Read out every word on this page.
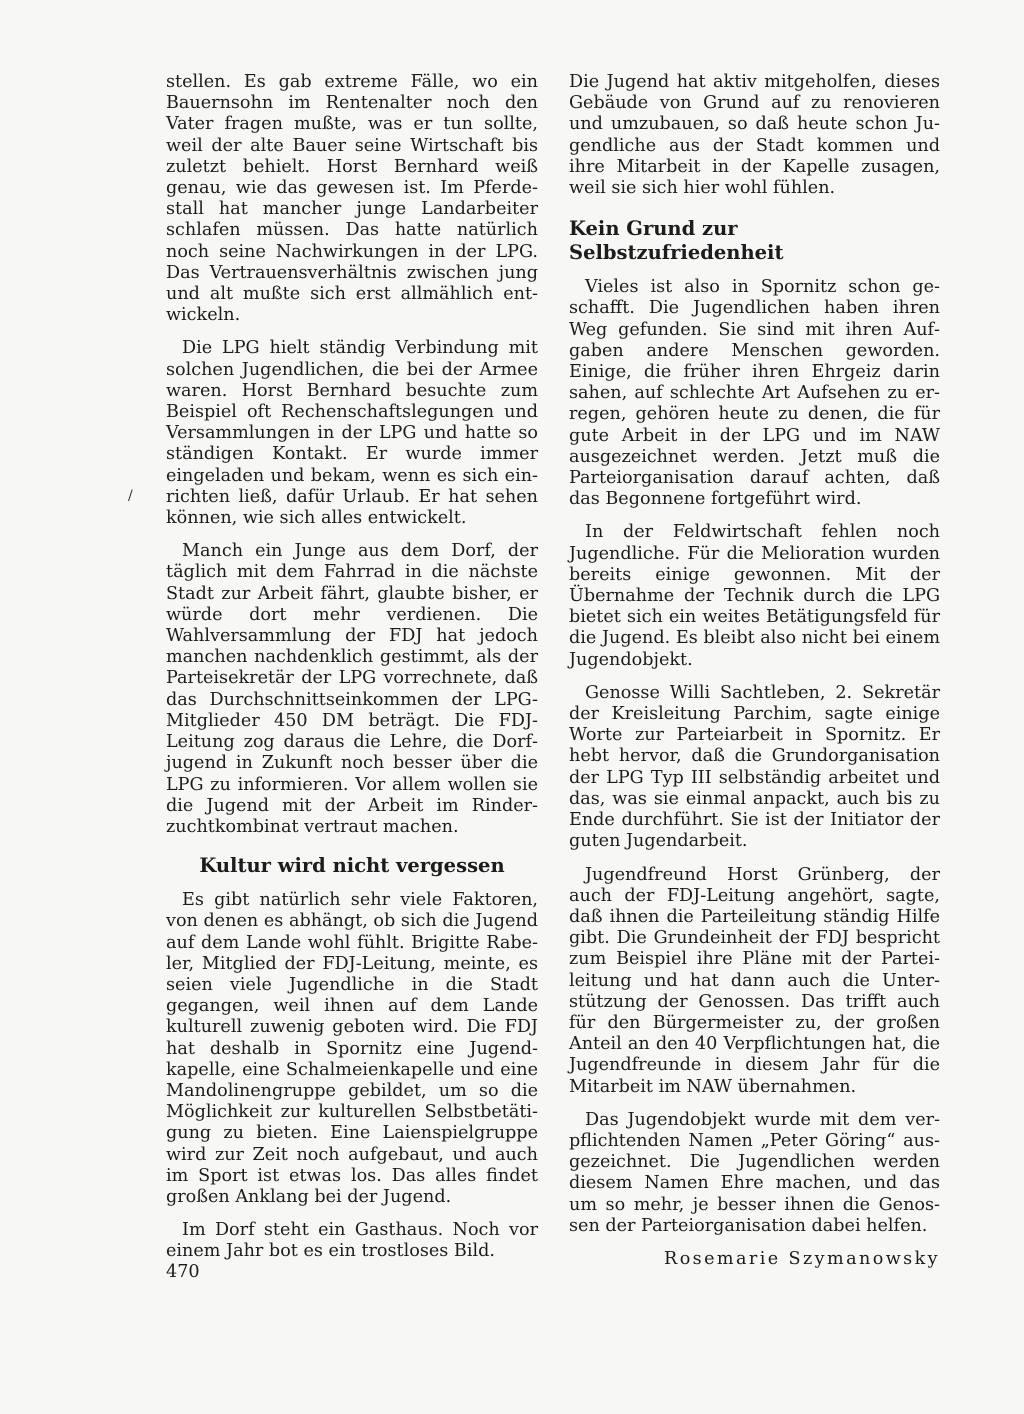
stellen. Es gab extreme Fälle, wo ein Bauernsohn im Rentenalter noch den Vater fragen mußte, was er tun sollte, weil der alte Bauer seine Wirtschaft bis zuletzt behielt. Horst Bernhard weiß genau, wie das gewesen ist. Im Pferdestall hat mancher junge Landarbeiter schlafen müssen. Das hatte natürlich noch seine Nachwirkungen in der LPG. Das Vertrauensverhältnis zwischen jung und alt mußte sich erst allmählich entwickeln.

Die LPG hielt ständig Verbindung mit solchen Jugendlichen, die bei der Armee waren. Horst Bernhard besuchte zum Beispiel oft Rechenschaftslegungen und Versammlungen in der LPG und hatte so ständigen Kontakt. Er wurde immer eingeladen und bekam, wenn es sich einrichten ließ, dafür Urlaub. Er hat sehen können, wie sich alles entwickelt.

Manch ein Junge aus dem Dorf, der täglich mit dem Fahrrad in die nächste Stadt zur Arbeit fährt, glaubte bisher, er würde dort mehr verdienen. Die Wahlversammlung der FDJ hat jedoch manchen nachdenklich gestimmt, als der Parteisekretär der LPG vorrechnete, daß das Durchschnittseinkommen der LPG-Mitglieder 450 DM beträgt. Die FDJ-Leitung zog daraus die Lehre, die Dorfjugend in Zukunft noch besser über die LPG zu informieren. Vor allem wollen sie die Jugend mit der Arbeit im Rinderzuchtkombinat vertraut machen.

Kultur wird nicht vergessen

Es gibt natürlich sehr viele Faktoren, von denen es abhängt, ob sich die Jugend auf dem Lande wohl fühlt. Brigitte Rabeler, Mitglied der FDJ-Leitung, meinte, es seien viele Jugendliche in die Stadt gegangen, weil ihnen auf dem Lande kulturell zuwenig geboten wird. Die FDJ hat deshalb in Spornitz eine Jugendkapelle, eine Schalmeienkapelle und eine Mandolinengruppe gebildet, um so die Möglichkeit zur kulturellen Selbstbetätigung zu bieten. Eine Laienspielgruppe wird zur Zeit noch aufgebaut, und auch im Sport ist etwas los. Das alles findet großen Anklang bei der Jugend.

Im Dorf steht ein Gasthaus. Noch vor einem Jahr bot es ein trostloses Bild.

Die Jugend hat aktiv mitgeholfen, dieses Gebäude von Grund auf zu renovieren und umzubauen, so daß heute schon Jugendliche aus der Stadt kommen und ihre Mitarbeit in der Kapelle zusagen, weil sie sich hier wohl fühlen.

Kein Grund zur Selbstzufriedenheit

Vieles ist also in Spornitz schon geschafft. Die Jugendlichen haben ihren Weg gefunden. Sie sind mit ihren Aufgaben andere Menschen geworden. Einige, die früher ihren Ehrgeiz darin sahen, auf schlechte Art Aufsehen zu erregen, gehören heute zu denen, die für gute Arbeit in der LPG und im NAW ausgezeichnet werden. Jetzt muß die Parteiorganisation darauf achten, daß das Begonnene fortgeführt wird.

In der Feldwirtschaft fehlen noch Jugendliche. Für die Melioration wurden bereits einige gewonnen. Mit der Übernahme der Technik durch die LPG bietet sich ein weites Betätigungsfeld für die Jugend. Es bleibt also nicht bei einem Jugendobjekt.

Genosse Willi Sachtleben, 2. Sekretär der Kreisleitung Parchim, sagte einige Worte zur Parteiarbeit in Spornitz. Er hebt hervor, daß die Grundorganisation der LPG Typ III selbständig arbeitet und das, was sie einmal anpackt, auch bis zu Ende durchführt. Sie ist der Initiator der guten Jugendarbeit.

Jugendfreund Horst Grünberg, der auch der FDJ-Leitung angehört, sagte, daß ihnen die Parteileitung ständig Hilfe gibt. Die Grundeinheit der FDJ bespricht zum Beispiel ihre Pläne mit der Parteileitung und hat dann auch die Unterstützung der Genossen. Das trifft auch für den Bürgermeister zu, der großen Anteil an den 40 Verpflichtungen hat, die Jugendfreunde in diesem Jahr für die Mitarbeit im NAW übernahmen.

Das Jugendobjekt wurde mit dem verpflichtenden Namen „Peter Göring“ ausgezeichnet. Die Jugendlichen werden diesem Namen Ehre machen, und das um so mehr, je besser ihnen die Genossen der Parteiorganisation dabei helfen.

Rosemarie Szymanowsky

/
470
